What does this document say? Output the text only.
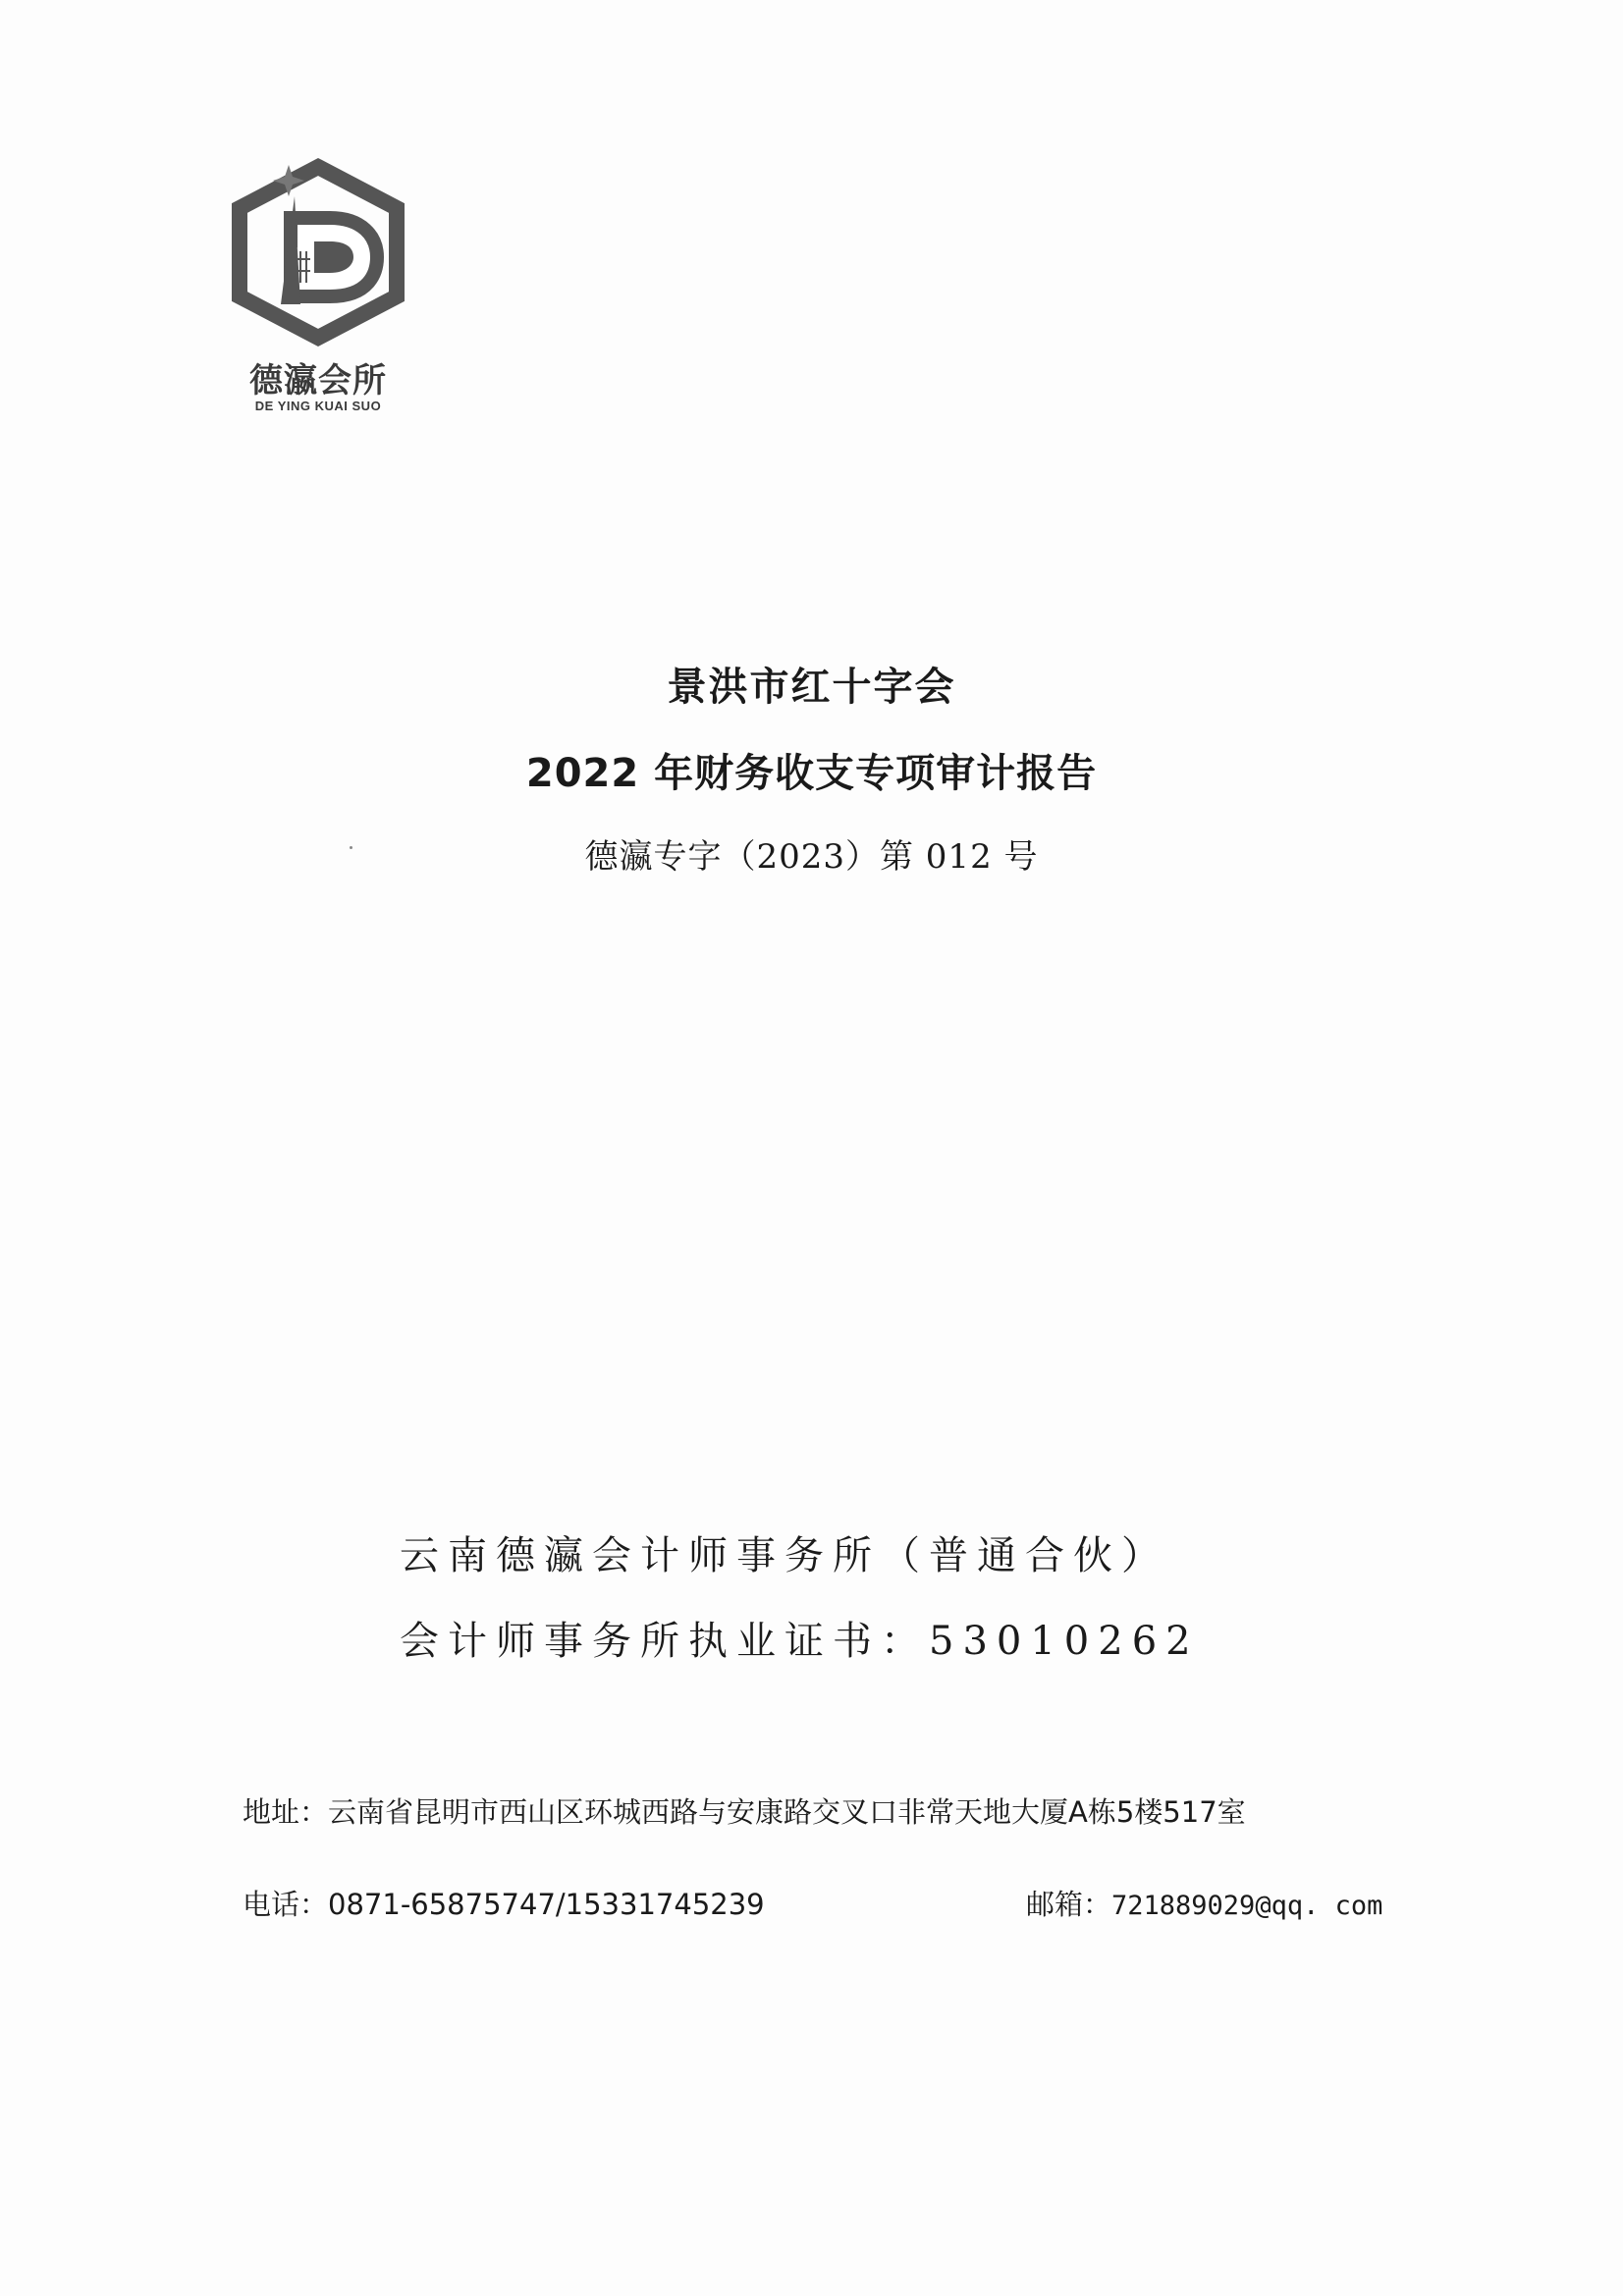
德瀛会所
DE YING KUAI SUO
景洪市红十字会
2022 年财务收支专项审计报告
德瀛专字（2023）第 012 号
云南德瀛会计师事务所（普通合伙）
会计师事务所执业证书：53010262
地址：云南省昆明市西山区环城西路与安康路交叉口非常天地大厦A栋5楼517室
电话：0871-65875747/15331745239	邮箱：721889029@qq. com
